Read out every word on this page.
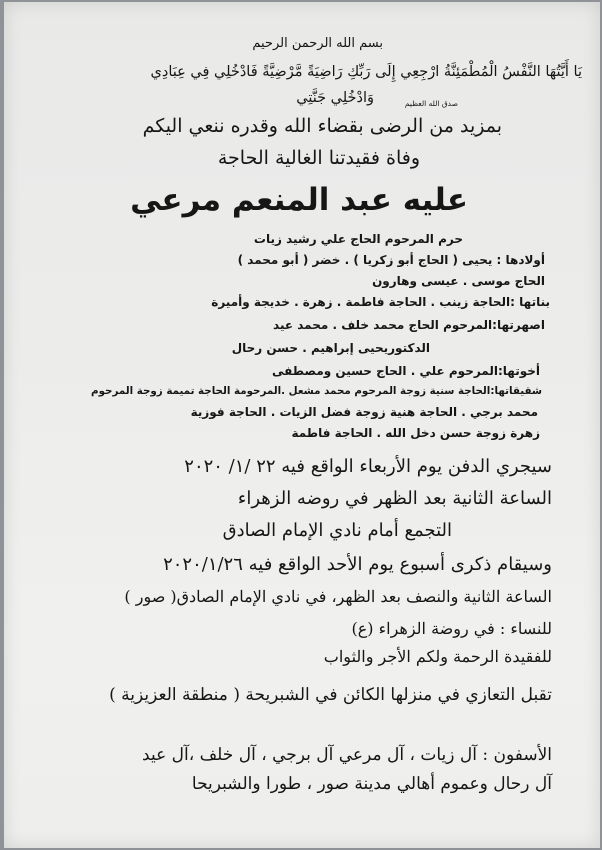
بسم الله الرحمن الرحيم
يَا أَيَّتُهَا النَّفْسُ الْمُطْمَئِنَّةُ ارْجِعِي إِلَى رَبِّكِ رَاضِيَةً مَّرْضِيَّةً فَادْخُلِي فِي عِبَادِي
وَادْخُلِي جَنَّتِي	صدق الله العظيم
بمزيد من الرضى بقضاء الله وقدره ننعي اليكم
وفاة فقيدتنا الغالية الحاجة
عليه عبد المنعم مرعي
حرم المرحوم الحاج علي رشيد زيات
أولادها : يحيى ( الحاج أبو زكريا ) . خضر ( أبو محمد )
الحاج موسى . عيسى وهارون
بناتها :الحاجة زينب . الحاجة فاطمة . زهرة . خديجة وأميرة
اصهرتها:المرحوم الحاج محمد خلف . محمد عيد
الدكتوريحيى إبراهيم . حسن رحال
أخوتها:المرحوم علي . الحاج حسين ومصطفى
شقيقاتها:الحاجة سنية زوجة المرحوم محمد مشعل .المرحومة الحاجة تميمة زوجة المرحوم
محمد برجي . الحاجة هنية زوجة فضل الزيات . الحاجة فوزية
زهرة زوجة حسن دخل الله . الحاجة فاطمة
سيجري الدفن يوم الأربعاء الواقع فيه ٢٢ /١/ ٢٠٢٠
الساعة الثانية بعد الظهر في روضه الزهراء
التجمع أمام نادي الإمام الصادق
وسيقام ذكرى أسبوع يوم الأحد الواقع فيه ٢٠٢٠/١/٢٦
الساعة الثانية والنصف بعد الظهر، في نادي الإمام الصادق( صور )
للنساء : في روضة الزهراء (ع)
للفقيدة الرحمة ولكم الأجر والثواب
تقبل التعازي في منزلها الكائن في الشبريحة ( منطقة العزيزية )
الأسفون : آل زيات ، آل مرعي آل برجي ، آل خلف ،آل عيد
آل رحال وعموم أهالي مدينة صور ، طورا والشبريحا
